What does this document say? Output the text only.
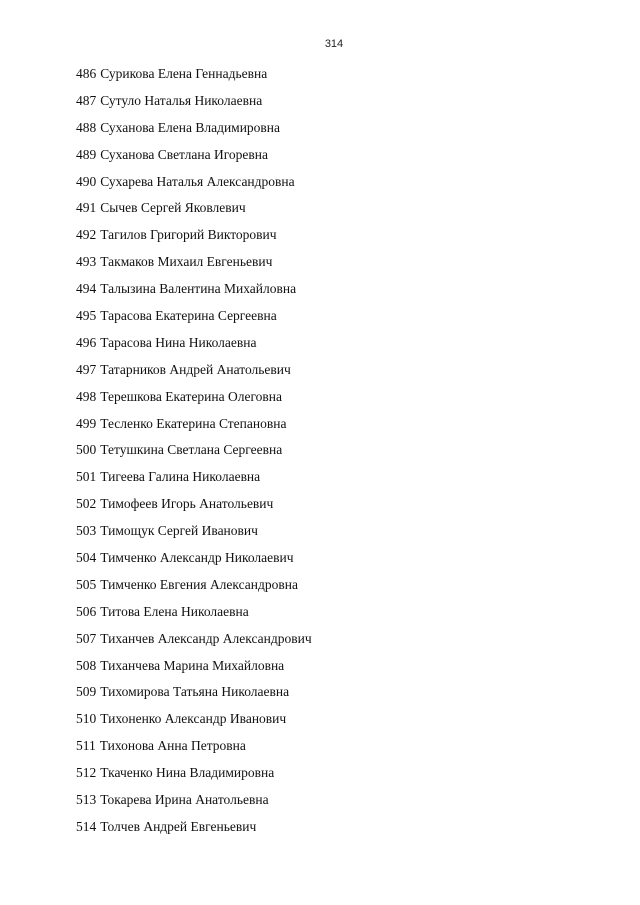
314
486 Сурикова Елена Геннадьевна
487 Сутуло Наталья Николаевна
488 Суханова Елена Владимировна
489 Суханова Светлана Игоревна
490 Сухарева Наталья Александровна
491 Сычев Сергей Яковлевич
492 Тагилов Григорий Викторович
493 Такмаков Михаил Евгеньевич
494 Талызина Валентина Михайловна
495 Тарасова Екатерина Сергеевна
496 Тарасова Нина Николаевна
497 Татарников Андрей Анатольевич
498 Терешкова Екатерина Олеговна
499 Тесленко Екатерина Степановна
500 Тетушкина Светлана Сергеевна
501 Тигеева Галина Николаевна
502 Тимофеев Игорь Анатольевич
503 Тимощук Сергей Иванович
504 Тимченко Александр Николаевич
505 Тимченко Евгения Александровна
506 Титова Елена Николаевна
507 Тиханчев Александр Александрович
508 Тиханчева Марина Михайловна
509 Тихомирова Татьяна Николаевна
510 Тихоненко Александр Иванович
511 Тихонова Анна Петровна
512 Ткаченко Нина Владимировна
513 Токарева Ирина Анатольевна
514 Толчев Андрей Евгеньевич
